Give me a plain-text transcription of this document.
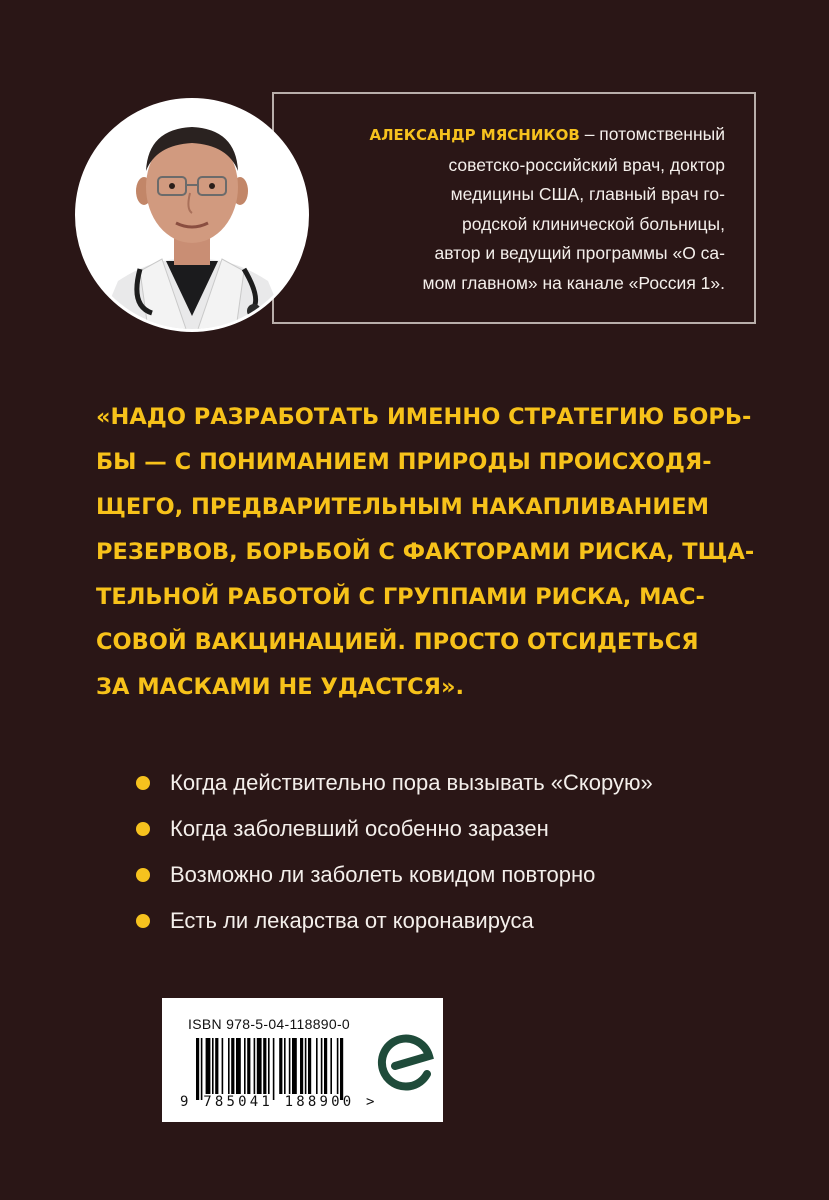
АЛЕКСАНДР МЯСНИКОВ – потомственный
советско-российский врач, доктор
медицины США, главный врач го-
родской клинической больницы,
автор и ведущий программы «О са-
мом главном» на канале «Россия 1».
«НАДО РАЗРАБОТАТЬ ИМЕННО СТРАТЕГИЮ БОРЬ-
БЫ — С ПОНИМАНИЕМ ПРИРОДЫ ПРОИСХОДЯ-
ЩЕГО, ПРЕДВАРИТЕЛЬНЫМ НАКАПЛИВАНИЕМ
РЕЗЕРВОВ, БОРЬБОЙ С ФАКТОРАМИ РИСКА, ТЩА-
ТЕЛЬНОЙ РАБОТОЙ С ГРУППАМИ РИСКА, МАС-
СОВОЙ ВАКЦИНАЦИЕЙ. ПРОСТО ОТСИДЕТЬСЯ
ЗА МАСКАМИ НЕ УДАСТСЯ».
Когда действительно пора вызывать «Скорую»
Когда заболевший особенно заразен
Возможно ли заболеть ковидом повторно
Есть ли лекарства от коронавируса
ISBN 978-5-04-118890-0
9 785041 188900 >
